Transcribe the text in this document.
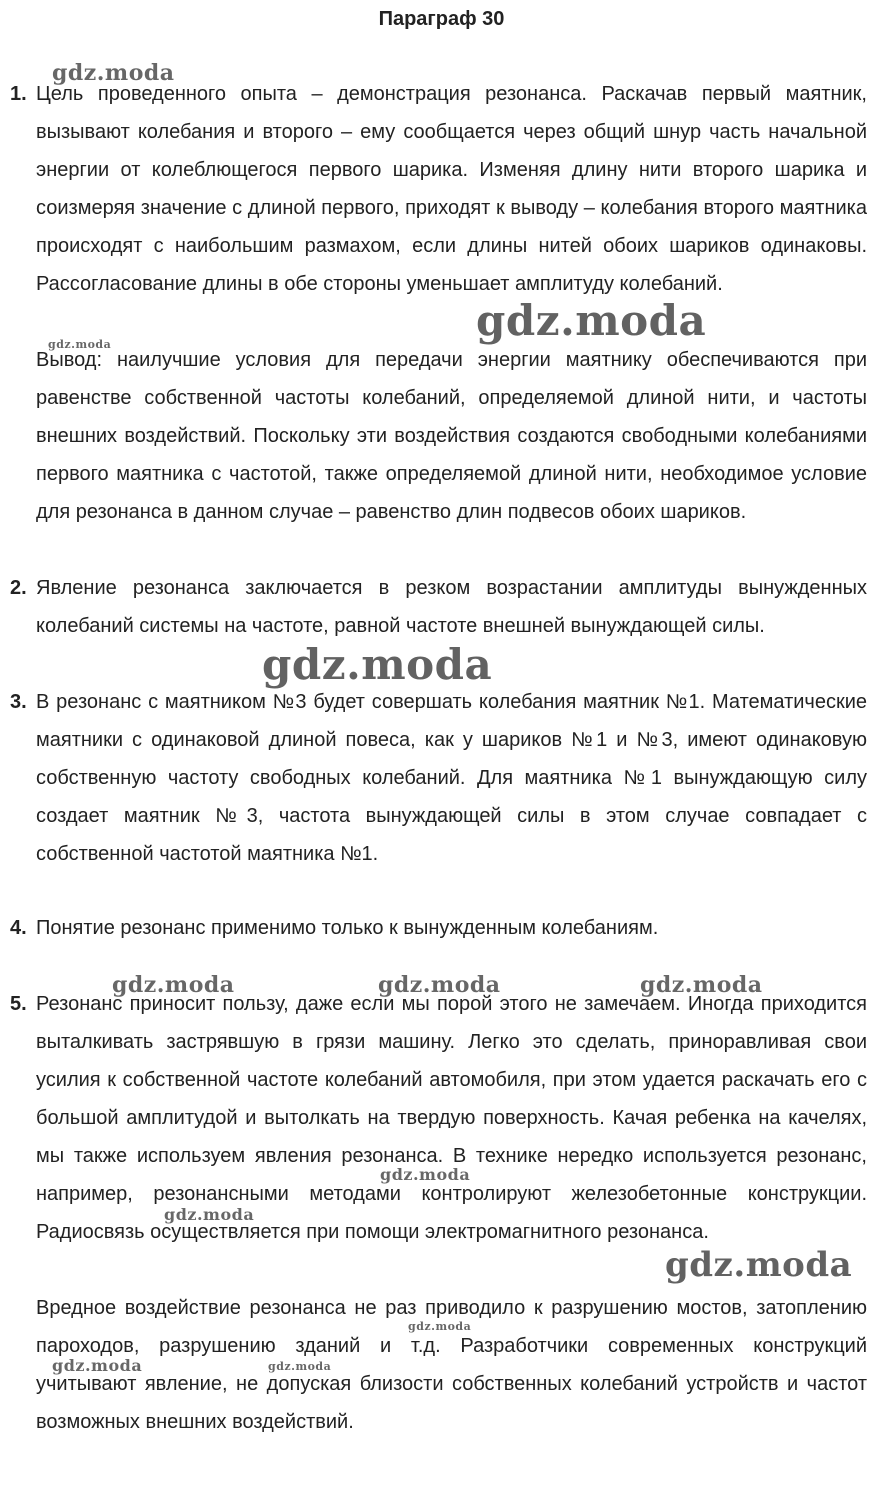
Параграф 30
1. Цель проведенного опыта – демонстрация резонанса. Раскачав первый маятник, вызывают колебания и второго – ему сообщается через общий шнур часть начальной энергии от колеблющегося первого шарика. Изменяя длину нити второго шарика и соизмеряя значение с длиной первого, приходят к выводу – колебания второго маятника происходят с наибольшим размахом, если длины нитей обоих шариков одинаковы. Рассогласование длины в обе стороны уменьшает амплитуду колебаний.

Вывод: наилучшие условия для передачи энергии маятнику обеспечиваются при равенстве собственной частоты колебаний, определяемой длиной нити, и частоты внешних воздействий. Поскольку эти воздействия создаются свободными колебаниями первого маятника с частотой, также определяемой длиной нити, необходимое условие для резонанса в данном случае – равенство длин подвесов обоих шариков.

2. Явление резонанса заключается в резком возрастании амплитуды вынужденных колебаний системы на частоте, равной частоте внешней вынуждающей силы.

3. В резонанс с маятником №3 будет совершать колебания маятник №1. Математические маятники с одинаковой длиной повеса, как у шариков №1 и №3, имеют одинаковую собственную частоту свободных колебаний. Для маятника №1 вынуждающую силу создает маятник №3, частота вынуждающей силы в этом случае совпадает с собственной частотой маятника №1.

4. Понятие резонанс применимо только к вынужденным колебаниям.

5. Резонанс приносит пользу, даже если мы порой этого не замечаем. Иногда приходится выталкивать застрявшую в грязи машину. Легко это сделать, приноравливая свои усилия к собственной частоте колебаний автомобиля, при этом удается раскачать его с большой амплитудой и вытолкать на твердую поверхность. Качая ребенка на качелях, мы также используем явления резонанса. В технике нередко используется резонанс, например, резонансными методами контролируют железобетонные конструкции. Радиосвязь осуществляется при помощи электромагнитного резонанса.

Вредное воздействие резонанса не раз приводило к разрушению мостов, затоплению пароходов, разрушению зданий и т.д. Разработчики современных конструкций учитывают явление, не допуская близости собственных колебаний устройств и частот возможных внешних воздействий.

gdz.moda
gdz.moda
gdz.moda
gdz.moda
gdz.moda	gdz.moda	gdz.moda
gdz.moda
gdz.moda
gdz.moda
gdz.moda
gdz.moda	gdz.moda
